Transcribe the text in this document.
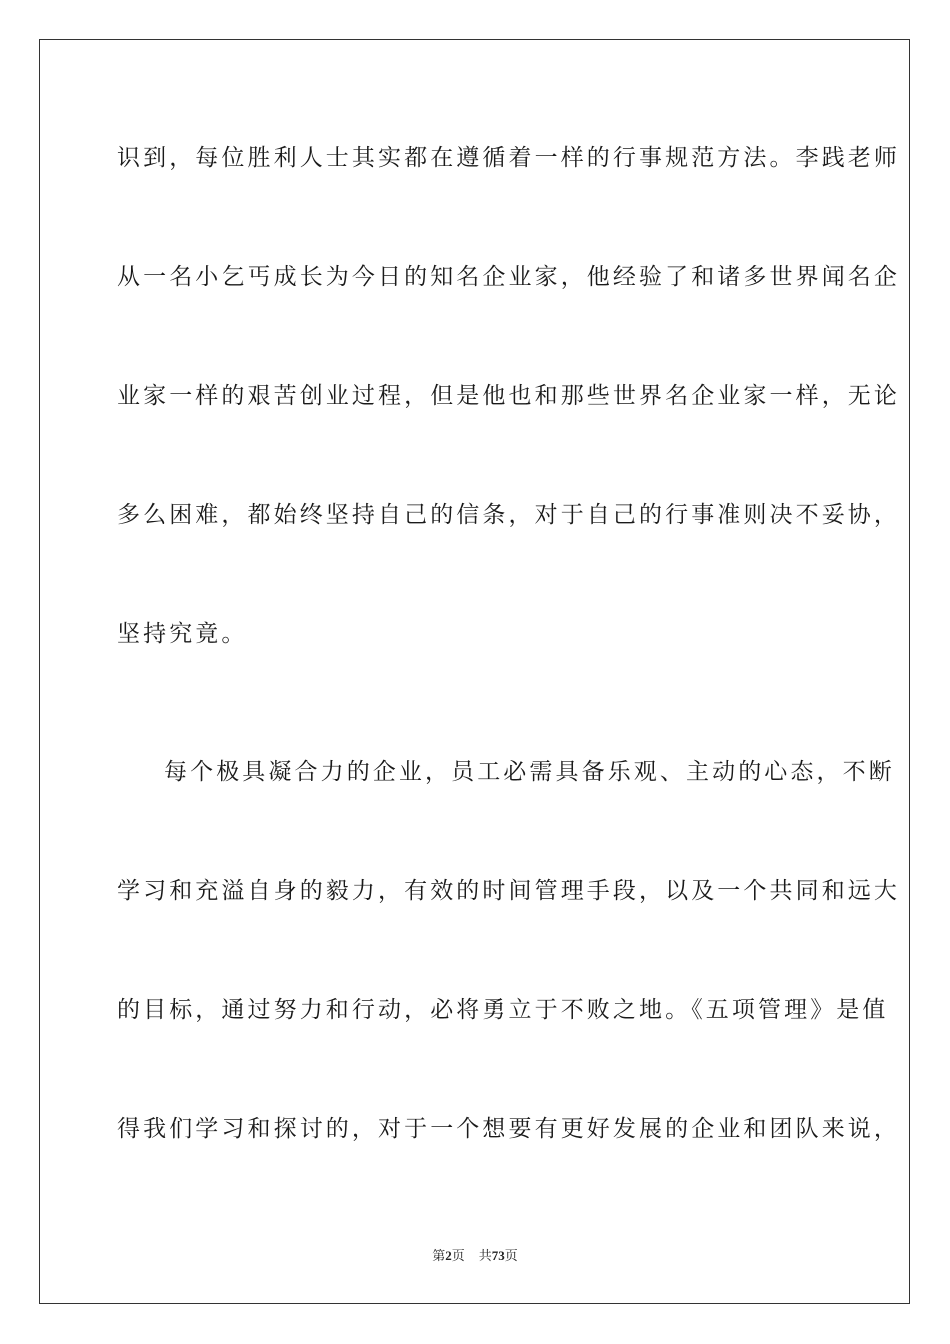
识到，每位胜利人士其实都在遵循着一样的行事规范方法。李践老师
从一名小乞丐成长为今日的知名企业家，他经验了和诸多世界闻名企
业家一样的艰苦创业过程，但是他也和那些世界名企业家一样，无论
多么困难，都始终坚持自己的信条，对于自己的行事准则决不妥协，
坚持究竟。
每个极具凝合力的企业，员工必需具备乐观、主动的心态，不断
学习和充溢自身的毅力，有效的时间管理手段，以及一个共同和远大
的目标，通过努力和行动，必将勇立于不败之地。《五项管理》是值
得我们学习和探讨的，对于一个想要有更好发展的企业和团队来说，
第2页 共73页
